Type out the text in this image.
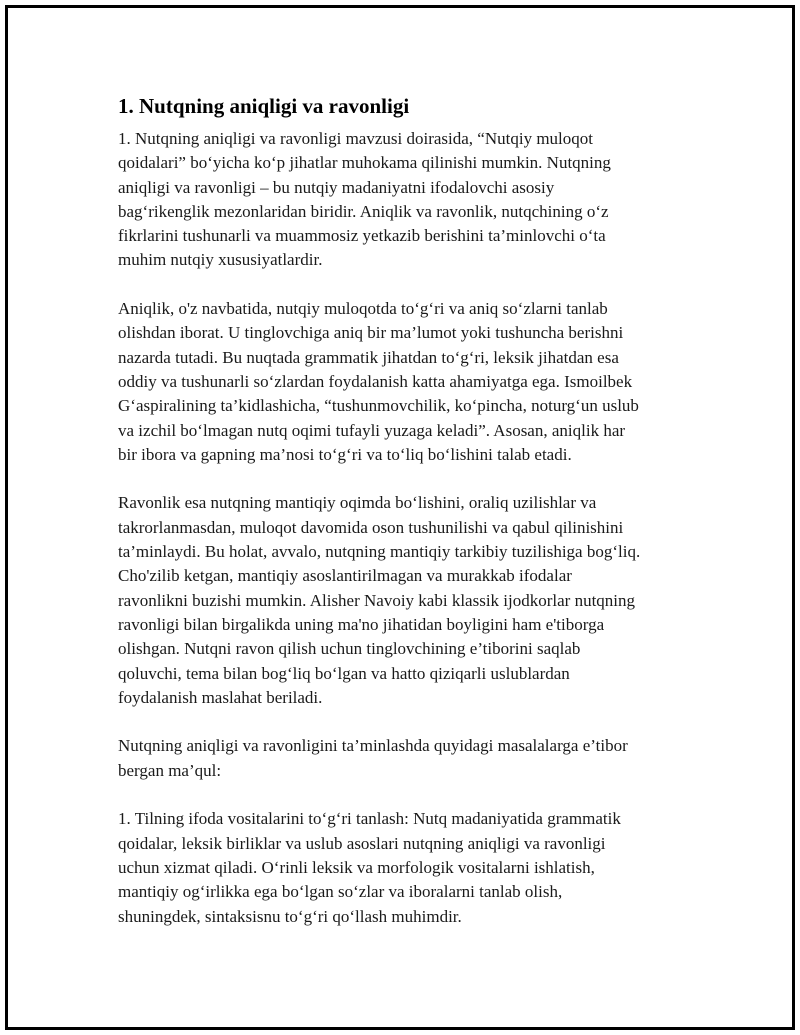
1. Nutqning aniqligi va ravonligi
1. Nutqning aniqligi va ravonligi mavzusi doirasida, “Nutqiy muloqot
qoidalari” bo‘yicha ko‘p jihatlar muhokama qilinishi mumkin. Nutqning
aniqligi va ravonligi – bu nutqiy madaniyatni ifodalovchi asosiy
bag‘rikenglik mezonlaridan biridir. Aniqlik va ravonlik, nutqchining o‘z
fikrlarini tushunarli va muammosiz yetkazib berishini ta’minlovchi o‘ta
muhim nutqiy xususiyatlardir.
Aniqlik, o'z navbatida, nutqiy muloqotda to‘g‘ri va aniq so‘zlarni tanlab
olishdan iborat. U tinglovchiga aniq bir ma’lumot yoki tushuncha berishni
nazarda tutadi. Bu nuqtada grammatik jihatdan to‘g‘ri, leksik jihatdan esa
oddiy va tushunarli so‘zlardan foydalanish katta ahamiyatga ega. Ismoilbek
G‘aspiralining ta’kidlashicha, “tushunmovchilik, ko‘pincha, noturg‘un uslub
va izchil bo‘lmagan nutq oqimi tufayli yuzaga keladi”. Asosan, aniqlik har
bir ibora va gapning ma’nosi to‘g‘ri va to‘liq bo‘lishini talab etadi.
Ravonlik esa nutqning mantiqiy oqimda bo‘lishini, oraliq uzilishlar va
takrorlanmasdan, muloqot davomida oson tushunilishi va qabul qilinishini
ta’minlaydi. Bu holat, avvalo, nutqning mantiqiy tarkibiy tuzilishiga bog‘liq.
Cho'zilib ketgan, mantiqiy asoslantirilmagan va murakkab ifodalar
ravonlikni buzishi mumkin. Alisher Navoiy kabi klassik ijodkorlar nutqning
ravonligi bilan birgalikda uning ma'no jihatidan boyligini ham e'tiborga
olishgan. Nutqni ravon qilish uchun tinglovchining e’tiborini saqlab
qoluvchi, tema bilan bog‘liq bo‘lgan va hatto qiziqarli uslublardan
foydalanish maslahat beriladi.
Nutqning aniqligi va ravonligini ta’minlashda quyidagi masalalarga e’tibor
bergan ma’qul:
1. Tilning ifoda vositalarini to‘g‘ri tanlash: Nutq madaniyatida grammatik
qoidalar, leksik birliklar va uslub asoslari nutqning aniqligi va ravonligi
uchun xizmat qiladi. O‘rinli leksik va morfologik vositalarni ishlatish,
mantiqiy og‘irlikka ega bo‘lgan so‘zlar va iboralarni tanlab olish,
shuningdek, sintaksisnu to‘g‘ri qo‘llash muhimdir.
